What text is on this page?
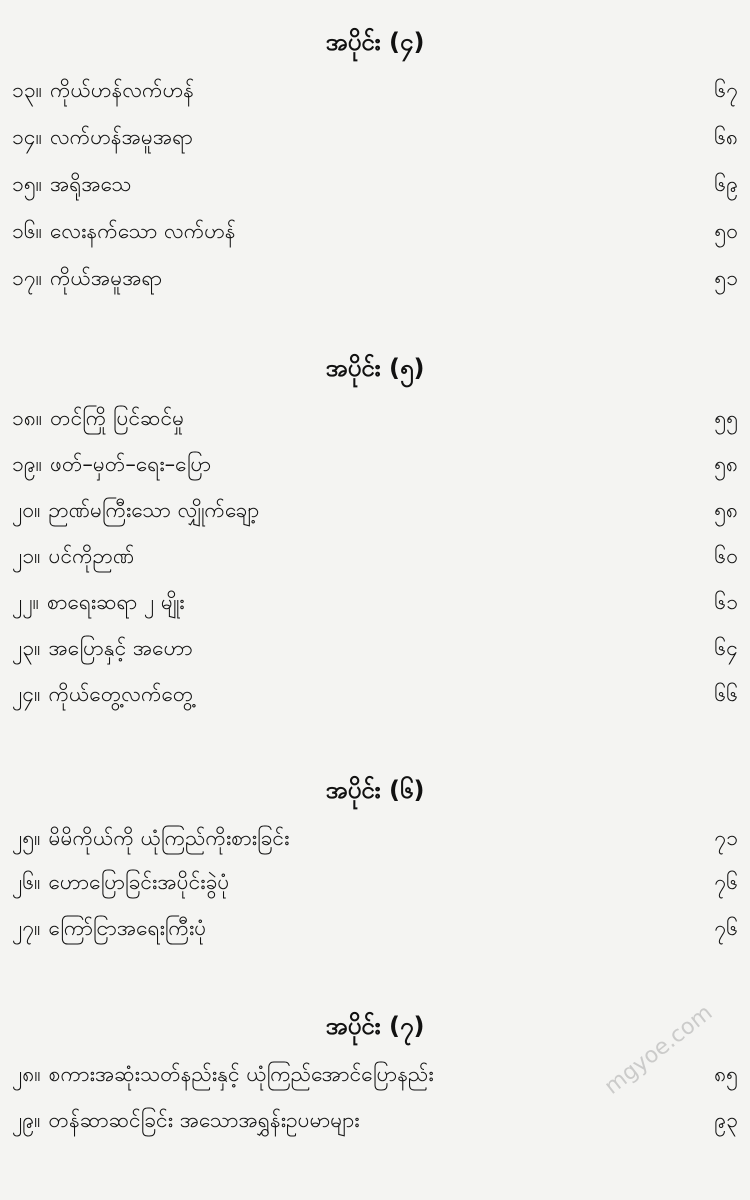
အပိုင်း (၄)
၁၃။ ကိုယ်ဟန်လက်ဟန်	၆၇
၁၄။ လက်ဟန်အမူအရာ	၆၈
၁၅။ အရိုအသေ	၆၉
၁၆။ လေးနက်သော လက်ဟန်	၅၀
၁၇။ ကိုယ်အမူအရာ	၅၁
အပိုင်း (၅)
၁၈။ တင်ကြို ပြင်ဆင်မှု	၅၅
၁၉။ ဖတ်–မှတ်–ရေး–ပြော	၅၈
၂၀။ ဉာဏ်မကြီးသော လျှိုက်ချော့	၅၈
၂၁။ ပင်ကိုဉာဏ်	၆၀
၂၂။ စာရေးဆရာ ၂ မျိုး	၆၁
၂၃။ အပြောနှင့် အဟော	၆၄
၂၄။ ကိုယ်တွေ့လက်တွေ့	၆၆
အပိုင်း (၆)
၂၅။ မိမိကိုယ်ကို ယုံကြည်ကိုးစားခြင်း	၇၁
၂၆။ ဟောပြောခြင်းအပိုင်းခွဲပုံ	၇၆
၂၇။ ကြော်ငြာအရေးကြီးပုံ	၇၆
အပိုင်း (၇)
၂၈။ စကားအဆုံးသတ်နည်းနှင့် ယုံကြည်အောင်ပြောနည်း	၈၅
၂၉။ တန်ဆာဆင်ခြင်း အသောအရွှန်းဥပမာများ	၉၃
mgyoe.com
